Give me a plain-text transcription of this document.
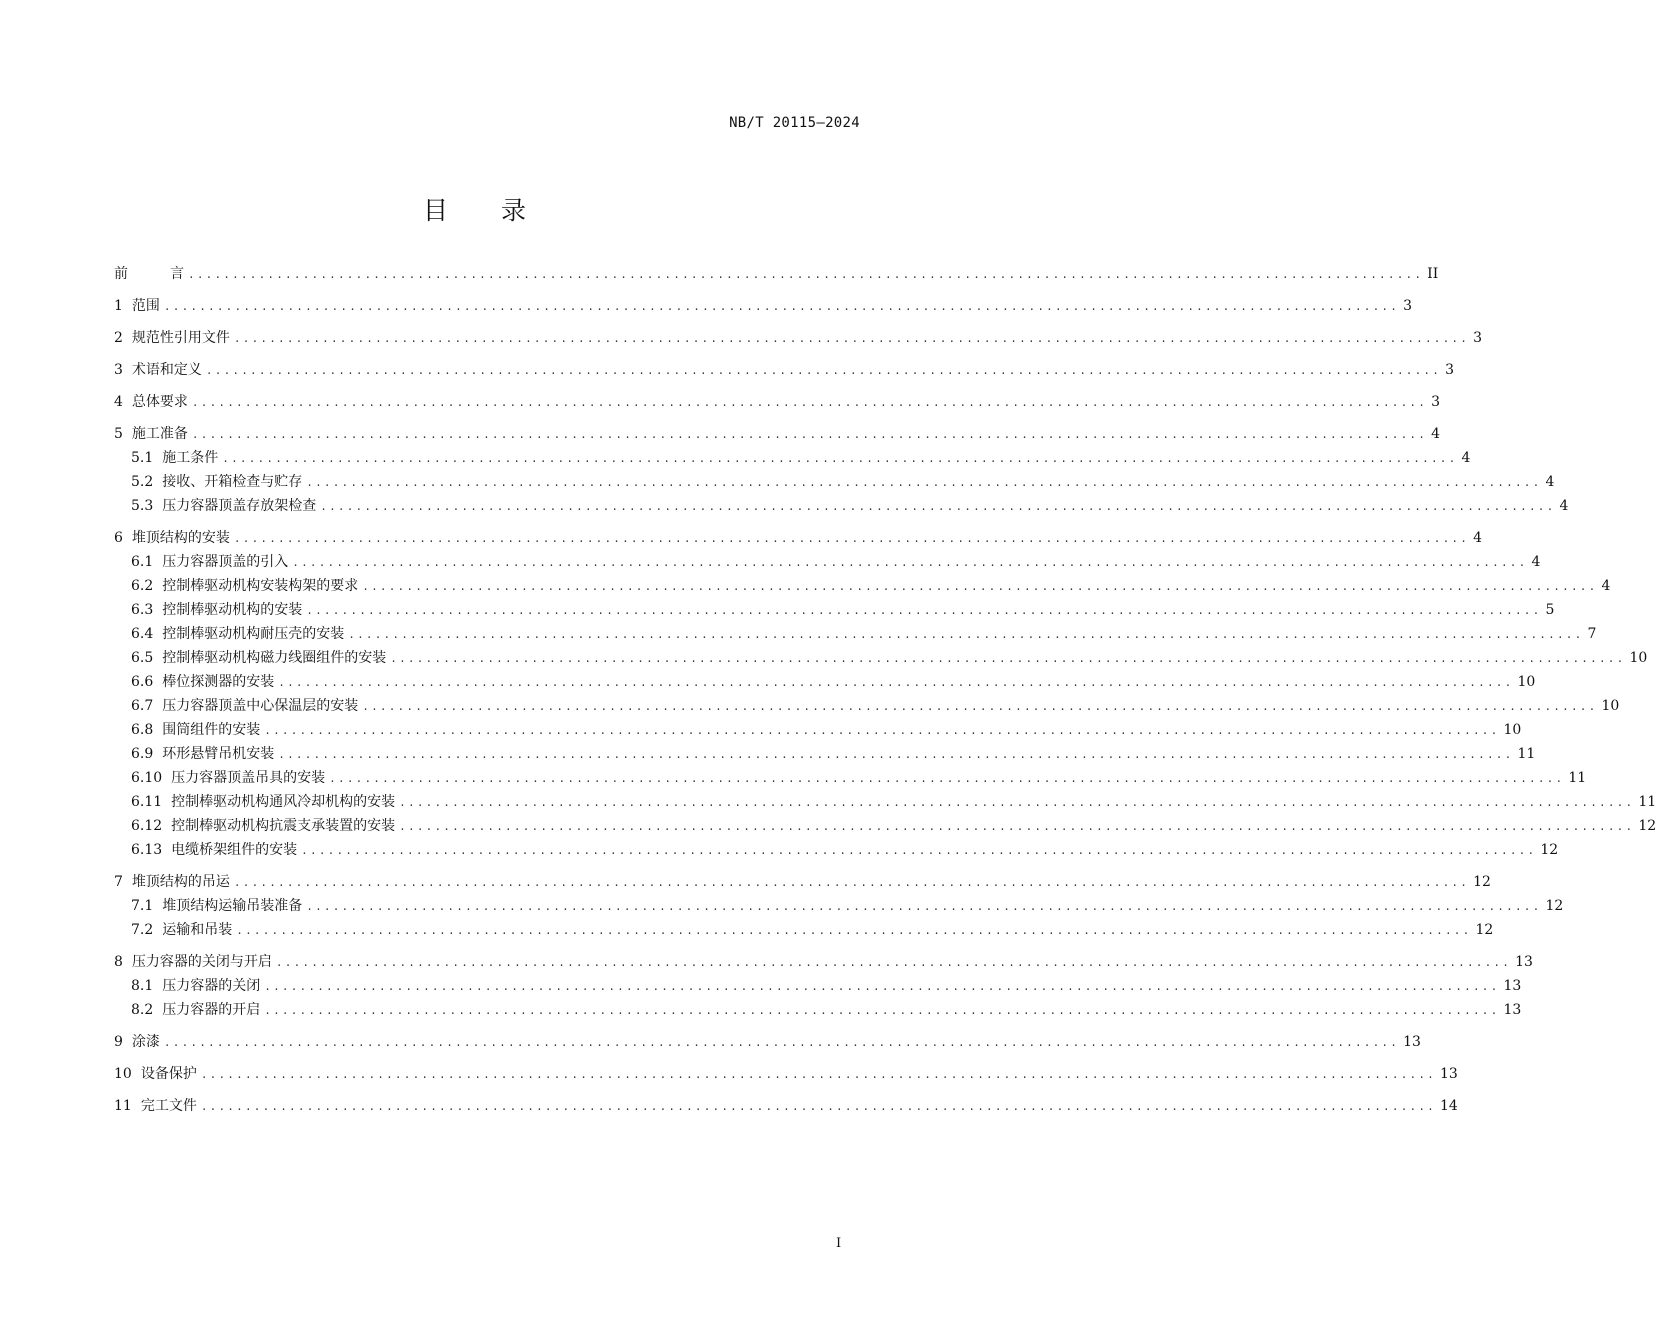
NB/T 20115—2024
目 录
前　　　言 ............................................................................................................................................ II
1 范围 ............................................................................................................................................ 3
2 规范性引用文件 ............................................................................................................................................ 3
3 术语和定义 ............................................................................................................................................ 3
4 总体要求 ............................................................................................................................................ 3
5 施工准备 ............................................................................................................................................ 4
5.1 施工条件 ............................................................................................................................................ 4
5.2 接收、开箱检查与贮存 ............................................................................................................................................ 4
5.3 压力容器顶盖存放架检查 ............................................................................................................................................ 4
6 堆顶结构的安装 ............................................................................................................................................ 4
6.1 压力容器顶盖的引入 ............................................................................................................................................ 4
6.2 控制棒驱动机构安装构架的要求 ............................................................................................................................................ 4
6.3 控制棒驱动机构的安装 ............................................................................................................................................ 5
6.4 控制棒驱动机构耐压壳的安装 ............................................................................................................................................ 7
6.5 控制棒驱动机构磁力线圈组件的安装 ............................................................................................................................................ 10
6.6 棒位探测器的安装 ............................................................................................................................................ 10
6.7 压力容器顶盖中心保温层的安装 ............................................................................................................................................ 10
6.8 围筒组件的安装 ............................................................................................................................................ 10
6.9 环形悬臂吊机安装 ............................................................................................................................................ 11
6.10 压力容器顶盖吊具的安装 ............................................................................................................................................ 11
6.11 控制棒驱动机构通风冷却机构的安装 ............................................................................................................................................ 11
6.12 控制棒驱动机构抗震支承装置的安装 ............................................................................................................................................ 12
6.13 电缆桥架组件的安装 ............................................................................................................................................ 12
7 堆顶结构的吊运 ............................................................................................................................................ 12
7.1 堆顶结构运输吊装准备 ............................................................................................................................................ 12
7.2 运输和吊装 ............................................................................................................................................ 12
8 压力容器的关闭与开启 ............................................................................................................................................ 13
8.1 压力容器的关闭 ............................................................................................................................................ 13
8.2 压力容器的开启 ............................................................................................................................................ 13
9 涂漆 ............................................................................................................................................ 13
10 设备保护 ............................................................................................................................................ 13
11 完工文件 ............................................................................................................................................ 14
I
